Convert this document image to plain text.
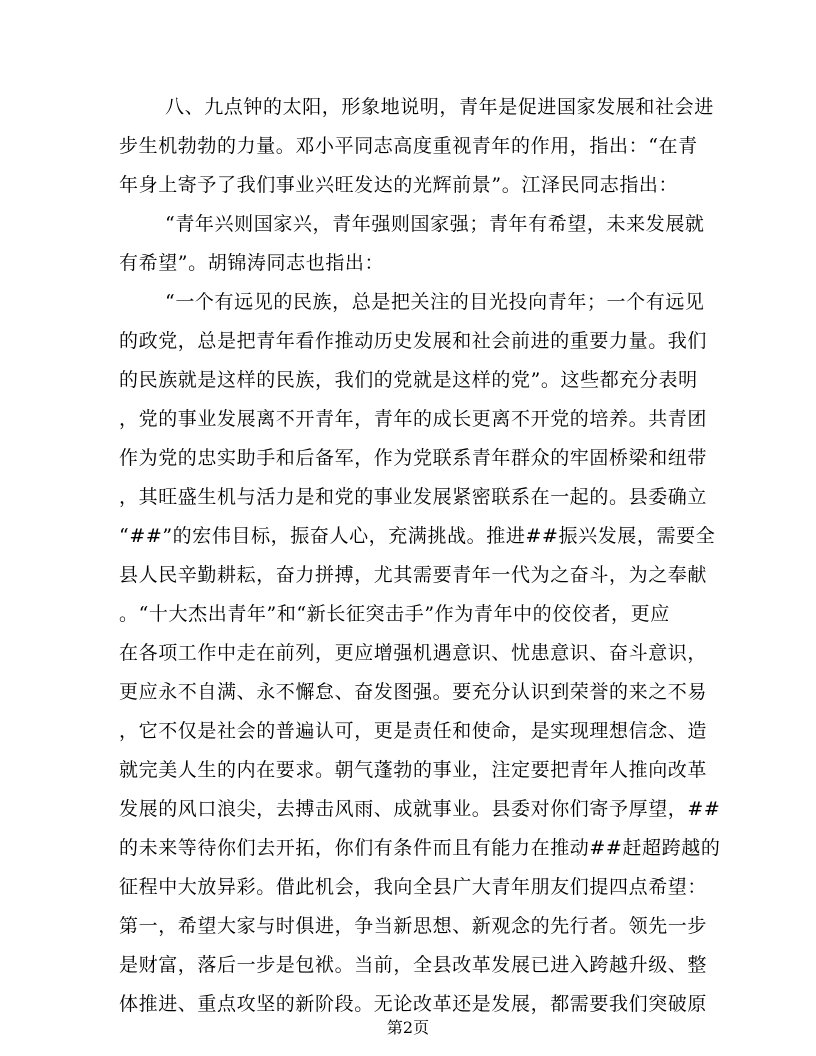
八、九点钟的太阳，形象地说明，青年是促进国家发展和社会进
步生机勃勃的力量。邓小平同志高度重视青年的作用，指出：“在青
年身上寄予了我们事业兴旺发达的光辉前景”。江泽民同志指出：
“青年兴则国家兴，青年强则国家强；青年有希望，未来发展就
有希望”。胡锦涛同志也指出：
“一个有远见的民族，总是把关注的目光投向青年；一个有远见
的政党，总是把青年看作推动历史发展和社会前进的重要力量。我们
的民族就是这样的民族，我们的党就是这样的党”。这些都充分表明
，党的事业发展离不开青年，青年的成长更离不开党的培养。共青团
作为党的忠实助手和后备军，作为党联系青年群众的牢固桥梁和纽带
，其旺盛生机与活力是和党的事业发展紧密联系在一起的。县委确立
“##”的宏伟目标，振奋人心，充满挑战。推进##振兴发展，需要全
县人民辛勤耕耘，奋力拼搏，尤其需要青年一代为之奋斗，为之奉献
。“十大杰出青年”和“新长征突击手”作为青年中的佼佼者，更应
在各项工作中走在前列，更应增强机遇意识、忧患意识、奋斗意识，
更应永不自满、永不懈怠、奋发图强。要充分认识到荣誉的来之不易
，它不仅是社会的普遍认可，更是责任和使命，是实现理想信念、造
就完美人生的内在要求。朝气蓬勃的事业，注定要把青年人推向改革
发展的风口浪尖，去搏击风雨、成就事业。县委对你们寄予厚望，##
的未来等待你们去开拓，你们有条件而且有能力在推动##赶超跨越的
征程中大放异彩。借此机会，我向全县广大青年朋友们提四点希望：
第一，希望大家与时俱进，争当新思想、新观念的先行者。领先一步
是财富，落后一步是包袱。当前，全县改革发展已进入跨越升级、整
体推进、重点攻坚的新阶段。无论改革还是发展，都需要我们突破原
第2页
